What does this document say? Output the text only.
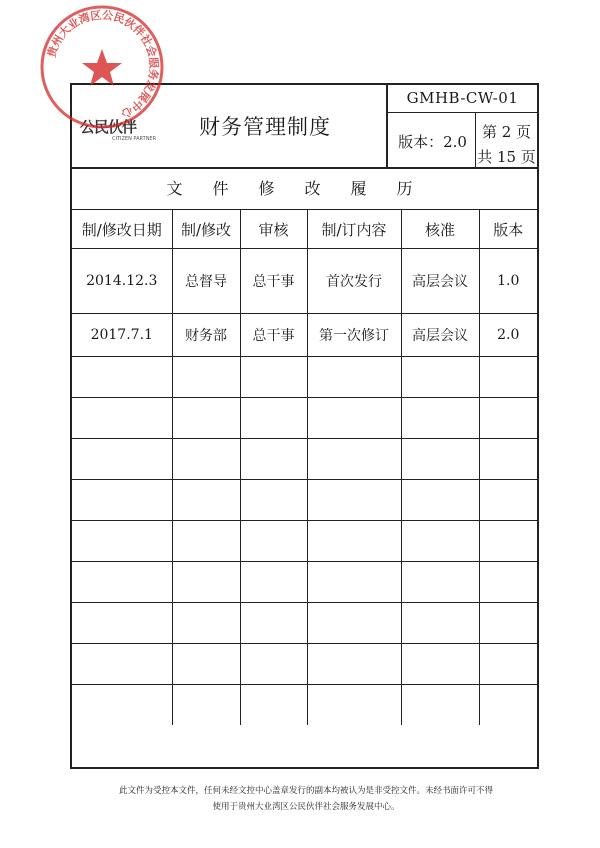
公民伙伴
CITIZEN PARTNER 财务管理制度
GMHB-CW-01
版本：2.0
第 2 页
共 15 页
文件修改履历
制/修改日期	制/修改	审核	制/订内容	核准	版本
2014.12.3	总督导	总干事	首次发行	高层会议	1.0
2017.7.1	财务部	总干事	第一次修订	高层会议	2.0

贵州大业湾区公民伙伴社会服务发展中心
此文件为受控本文件，任何未经文控中心盖章发行的副本均被认为是非受控文件。未经书面许可不得
使用于贵州大业湾区公民伙伴社会服务发展中心。
